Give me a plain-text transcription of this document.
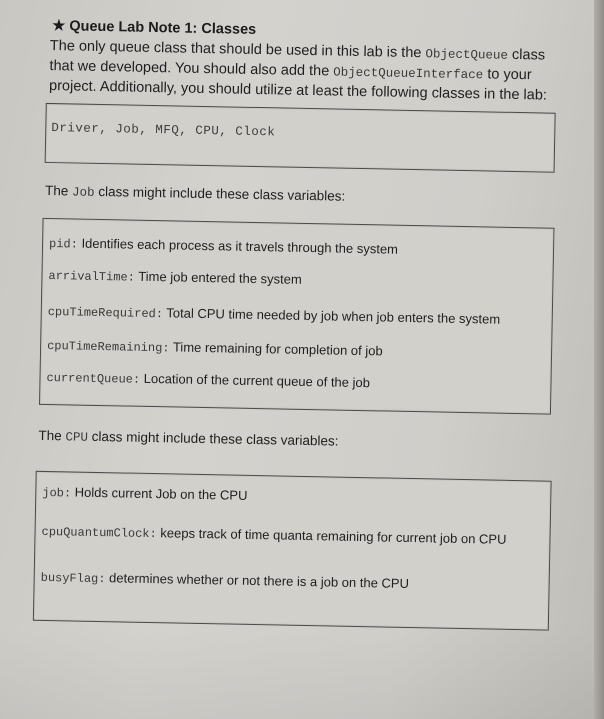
★ Queue Lab Note 1: Classes
The only queue class that should be used in this lab is the ObjectQueue class that we developed. You should also add the ObjectQueueInterface to your project. Additionally, you should utilize at least the following classes in the lab:
Driver, Job, MFQ, CPU, Clock
The Job class might include these class variables:
pid: Identifies each process as it travels through the system
arrivalTime: Time job entered the system
cpuTimeRequired: Total CPU time needed by job when job enters the system
cpuTimeRemaining: Time remaining for completion of job
currentQueue: Location of the current queue of the job
The CPU class might include these class variables:
job: Holds current Job on the CPU
cpuQuantumClock: keeps track of time quanta remaining for current job on CPU
busyFlag: determines whether or not there is a job on the CPU
